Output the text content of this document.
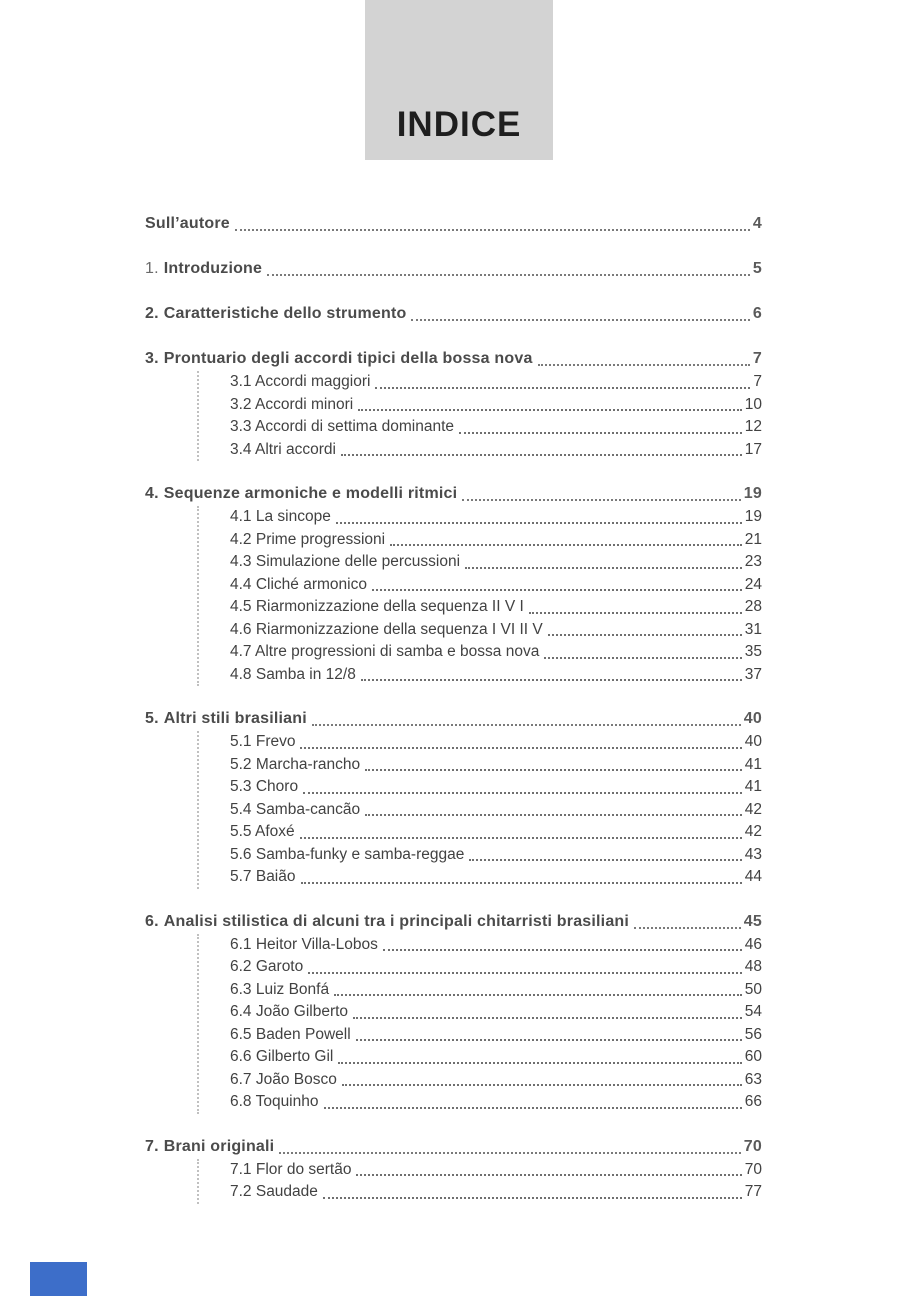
INDICE
Sull’autore	4
1. Introduzione	5
2. Caratteristiche dello strumento	6
3. Prontuario degli accordi tipici della bossa nova	7
3.1 Accordi maggiori	7
3.2 Accordi minori	10
3.3 Accordi di settima dominante	12
3.4 Altri accordi	17
4. Sequenze armoniche e modelli ritmici	19
4.1 La sincope	19
4.2 Prime progressioni	21
4.3 Simulazione delle percussioni	23
4.4 Cliché armonico	24
4.5 Riarmonizzazione della sequenza II V I	28
4.6 Riarmonizzazione della sequenza I VI II V	31
4.7 Altre progressioni di samba e bossa nova	35
4.8 Samba in 12/8	37
5. Altri stili brasiliani	40
5.1 Frevo	40
5.2 Marcha-rancho	41
5.3 Choro	41
5.4 Samba-cancão	42
5.5 Afoxé	42
5.6 Samba-funky e samba-reggae	43
5.7 Baião	44
6. Analisi stilistica di alcuni tra i principali chitarristi brasiliani	45
6.1 Heitor Villa-Lobos	46
6.2 Garoto	48
6.3 Luiz Bonfá	50
6.4 João Gilberto	54
6.5 Baden Powell	56
6.6 Gilberto Gil	60
6.7 João Bosco	63
6.8 Toquinho	66
7. Brani originali	70
7.1 Flor do sertão	70
7.2 Saudade	77
